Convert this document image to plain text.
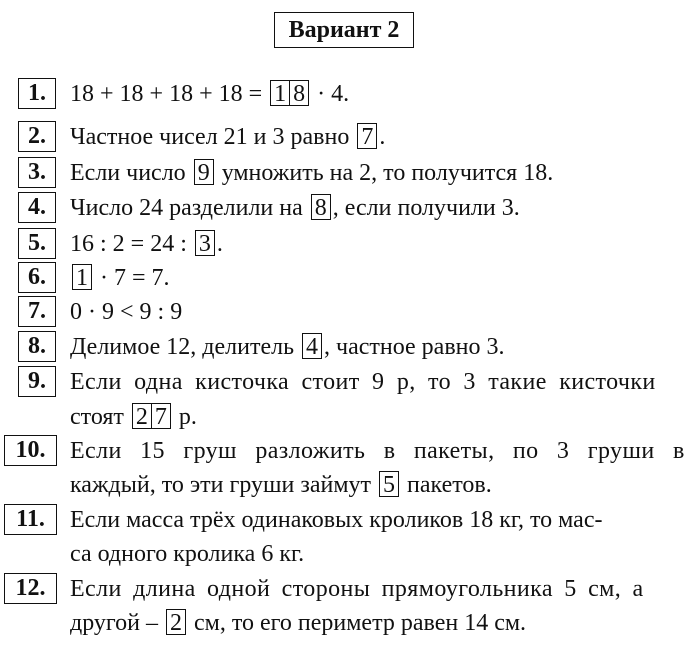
Вариант 2
1.	18 + 18 + 18 + 18 = 1 8 · 4.
2.	Частное чисел 21 и 3 равно 7 .
3.	Если число 9 умножить на 2, то получится 18.
4.	Число 24 разделили на 8 , если получили 3.
5.	16 : 2 = 24 : 3 .
6.	1 · 7 = 7.
7.	0 · 9 < 9 : 9
8.	Делимое 12, делитель 4 , частное равно 3.
9.	Если одна кисточка стоит 9 р, то 3 такие кисточки
стоят 2 7 р.
10.	Если 15 груш разложить в пакеты, по 3 груши в
каждый, то эти груши займут 5 пакетов.
11.	Если масса трёх одинаковых кроликов 18 кг, то мас-
са одного кролика 6 кг.
12.	Если длина одной стороны прямоугольника 5 см, а
другой – 2 см, то его периметр равен 14 см.
